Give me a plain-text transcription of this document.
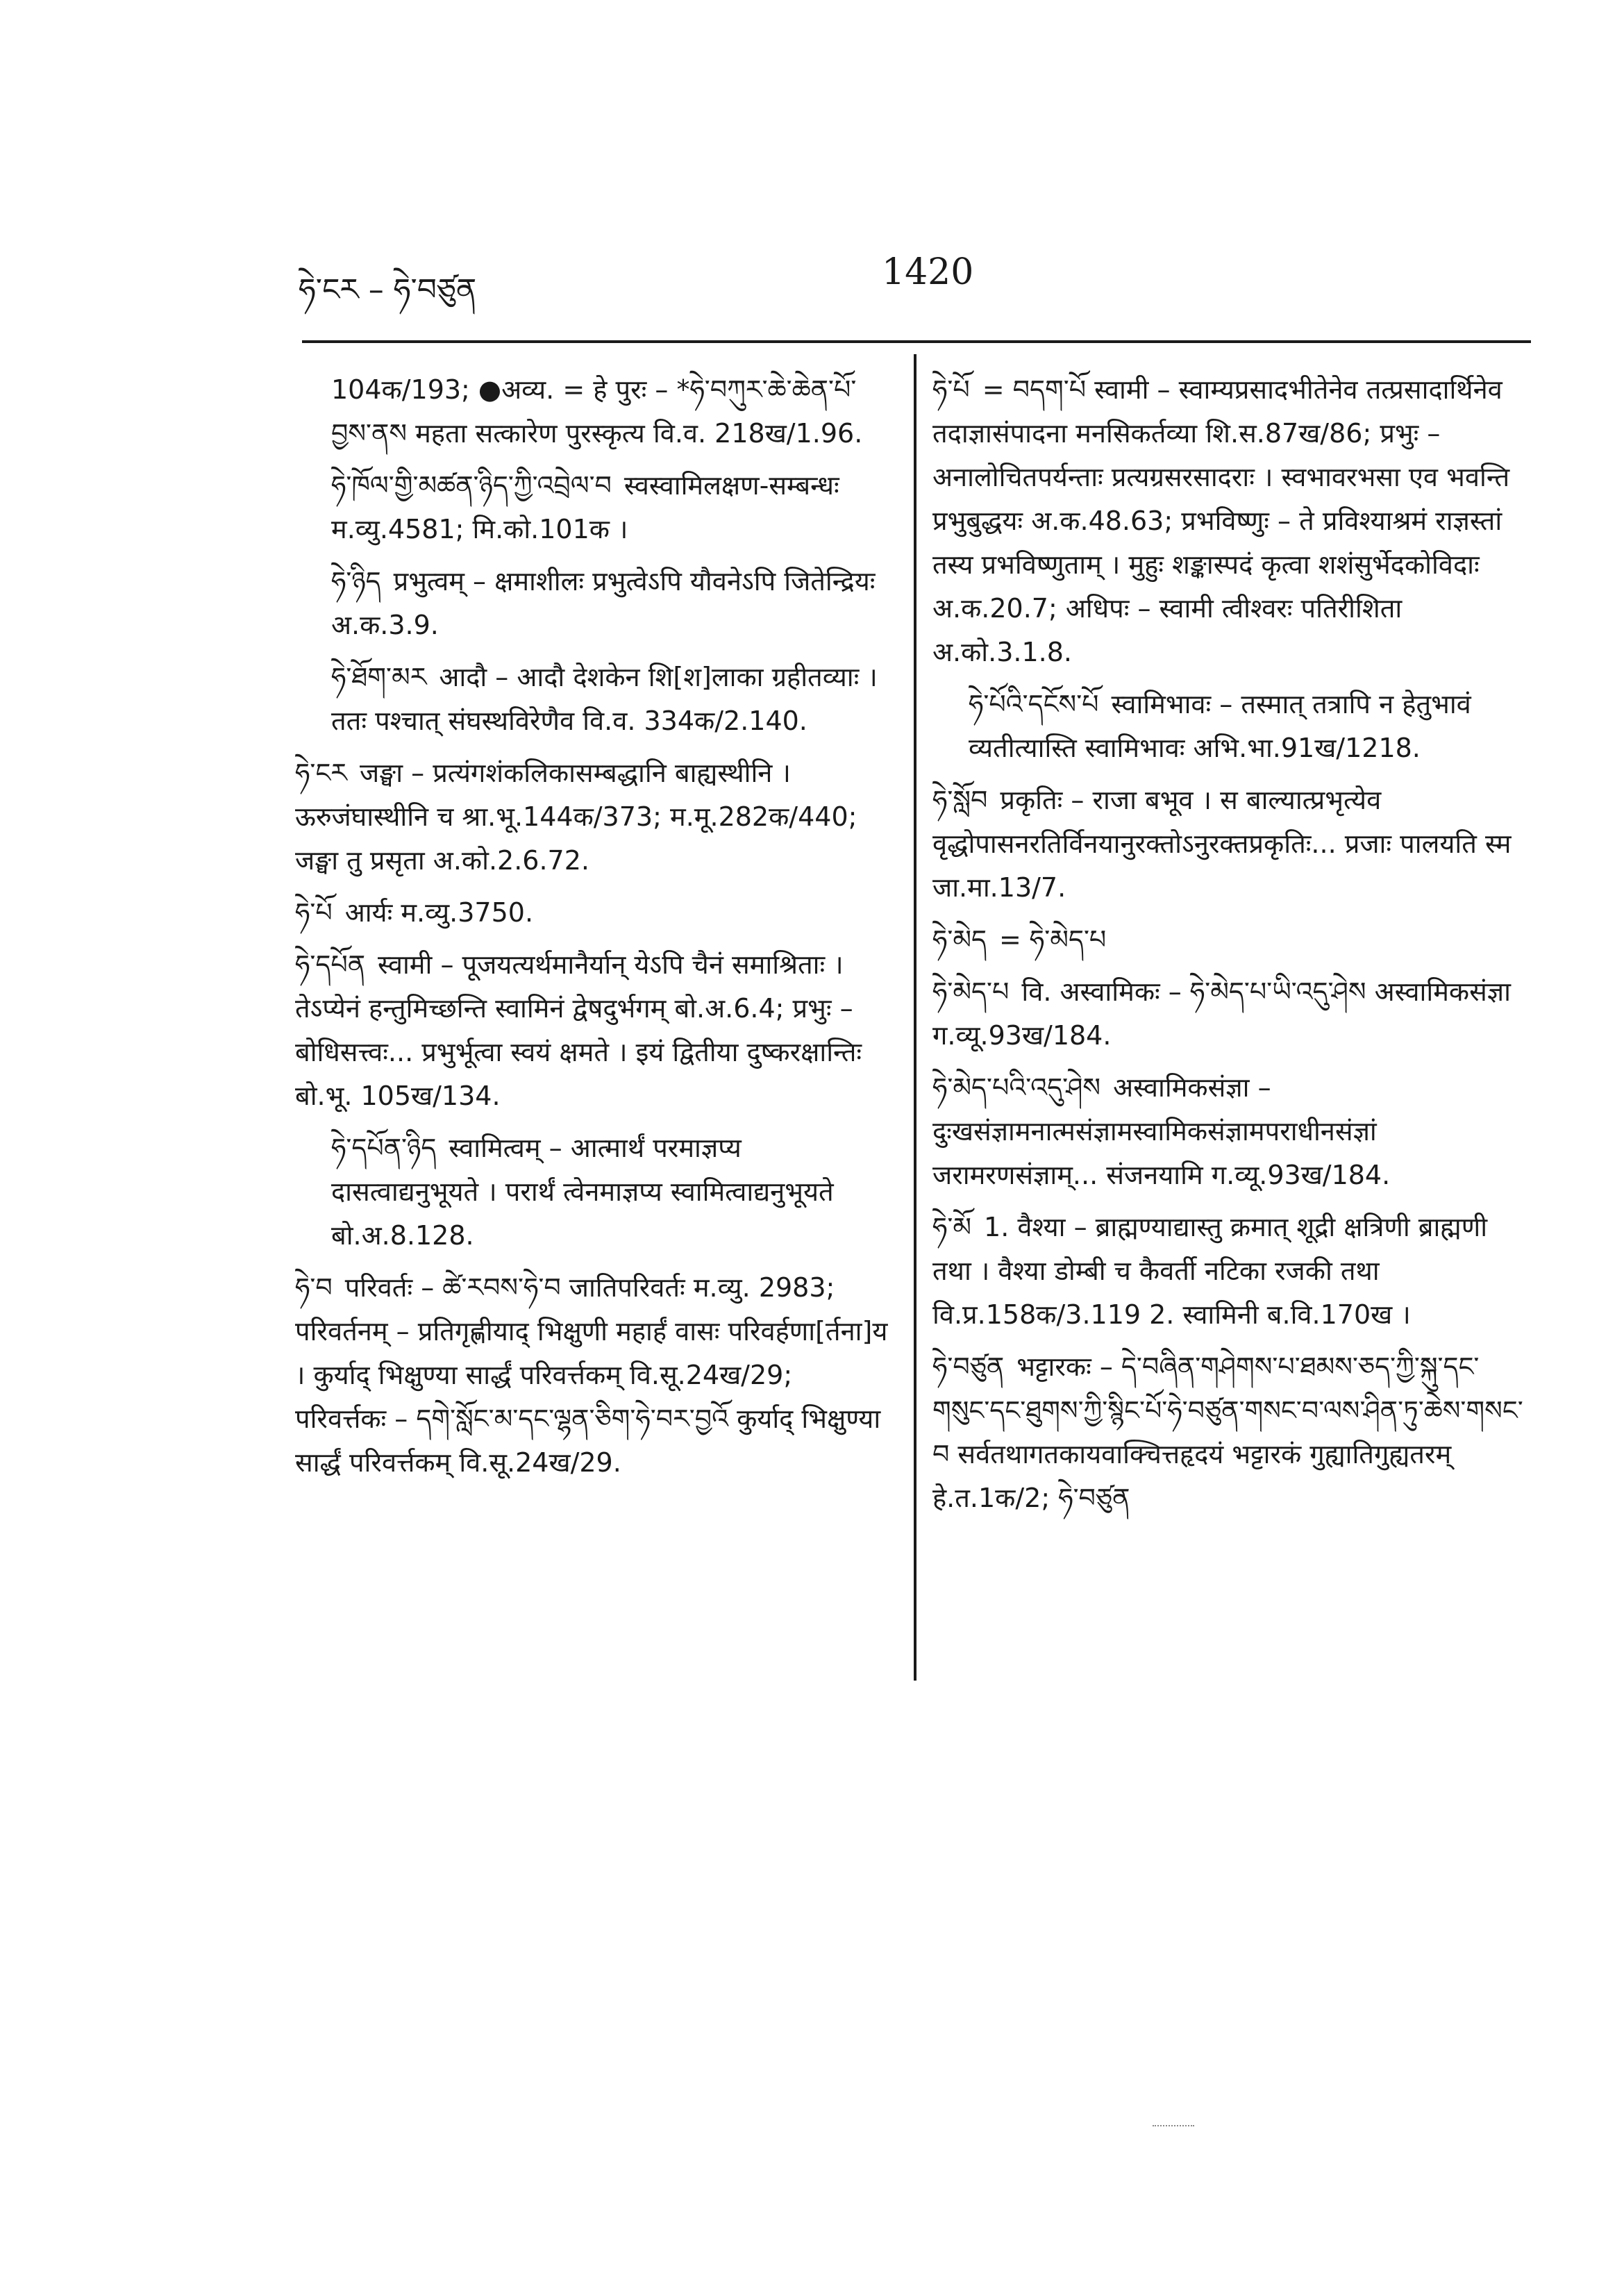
ཧེ་ངར – ཧེ་བཙུན	1420
104क/193; ●अव्य. = हे पुरः – *ཧེ་བཀུར་ཆེ་ཆེན་པོ་བྱས་ནས महता सत्कारेण पुरस्कृत्य वि.व. 218ख/1.96.
ཧེ་ཁོལ་གྱི་མཚན་ཉིད་ཀྱི་འབྲེལ་བ स्वस्वामिलक्षण-सम्बन्धः म.व्यु.4581; मि.को.101क ।
ཧེ་ཉིད प्रभुत्वम् – क्षमाशीलः प्रभुत्वेऽपि यौवनेऽपि जितेन्द्रियः अ.क.3.9.
ཧེ་ཐོག་མར आदौ – आदौ देशकेन शि[श]लाका ग्रहीतव्याः । ततः पश्चात् संघस्थविरेणैव वि.व. 334क/2.140.
ཧེ་ངར जङ्घा – प्रत्यंगशंकलिकासम्बद्धानि बाह्यस्थीनि । ऊरुजंघास्थीनि च श्रा.भू.144क/373; म.मू.282क/440; जङ्घा तु प्रसृता अ.को.2.6.72.
ཧེ་པོ आर्यः म.व्यु.3750.
ཧེ་དཔོན स्वामी – पूजयत्यर्थमानैर्यान् येऽपि चैनं समाश्रिताः । तेऽप्येनं हन्तुमिच्छन्ति स्वामिनं द्वेषदुर्भगम् बो.अ.6.4; प्रभुः – बोधिसत्त्वः... प्रभुर्भूत्वा स्वयं क्षमते । इयं द्वितीया दुष्करक्षान्तिः बो.भू. 105ख/134.
ཧེ་དཔོན་ཉིད स्वामित्वम् – आत्मार्थं परमाज्ञप्य दासत्वाद्यनुभूयते । परार्थं त्वेनमाज्ञप्य स्वामित्वाद्यनुभूयते बो.अ.8.128.
ཧེ་བ परिवर्तः – ཚེ་རབས་ཧེ་བ जातिपरिवर्तः म.व्यु. 2983; परिवर्तनम् – प्रतिगृह्णीयाद् भिक्षुणी महार्हं वासः परिवर्हणा[र्तना]य । कुर्याद् भिक्षुण्या सार्द्धं परिवर्त्तकम् वि.सू.24ख/29; परिवर्त्तकः – དགེ་སློང་མ་དང་ལྷན་ཅིག་ཧེ་བར་བྱའོ कुर्याद् भिक्षुण्या सार्द्धं परिवर्त्तकम् वि.सू.24ख/29.
ཧེ་པོ = བདག་པོ स्वामी – स्वाम्यप्रसादभीतेनेव तत्प्रसादार्थिनेव तदाज्ञासंपादना मनसिकर्तव्या शि.स.87ख/86; प्रभुः – अनालोचितपर्यन्ताः प्रत्यग्रसरसादराः । स्वभावरभसा एव भवन्ति प्रभुबुद्धयः अ.क.48.63; प्रभविष्णुः – ते प्रविश्याश्रमं राज्ञस्तां तस्य प्रभविष्णुताम् । मुहुः शङ्कास्पदं कृत्वा शशंसुर्भेदकोविदाः अ.क.20.7; अधिपः – स्वामी त्वीश्वरः पतिरीशिता अ.को.3.1.8.
ཧེ་པོའི་དངོས་པོ स्वामिभावः – तस्मात् तत्रापि न हेतुभावं व्यतीत्यास्ति स्वामिभावः अभि.भा.91ख/1218.
ཧེ་སློབ प्रकृतिः – राजा बभूव । स बाल्यात्प्रभृत्येव वृद्धोपासनरतिर्विनयानुरक्तोऽनुरक्तप्रकृतिः... प्रजाः पालयति स्म जा.मा.13/7.
ཧེ་མེད = ཧེ་མེད་པ
ཧེ་མེད་པ वि. अस्वामिकः – ཧེ་མེད་པ་ཡི་འདུ་ཤེས अस्वामिकसंज्ञा ग.व्यू.93ख/184.
ཧེ་མེད་པའི་འདུ་ཤེས अस्वामिकसंज्ञा – दुःखसंज्ञामनात्मसंज्ञामस्वामिकसंज्ञामपराधीनसंज्ञां जरामरणसंज्ञाम्... संजनयामि ग.व्यू.93ख/184.
ཧེ་མོ 1. वैश्या – ब्राह्मण्याद्यास्तु क्रमात् शूद्री क्षत्रिणी ब्राह्मणी तथा । वैश्या डोम्बी च कैवर्ती नटिका रजकी तथा वि.प्र.158क/3.119 2. स्वामिनी ब.वि.170ख ।
ཧེ་བཙུན भट्टारकः – དེ་བཞིན་གཤེགས་པ་ཐམས་ཅད་ཀྱི་སྐུ་དང་གསུང་དང་ཐུགས་ཀྱི་སྙིང་པོ་ཧེ་བཙུན་གསང་བ་ལས་ཤིན་ཏུ་ཆེས་གསང་བ सर्वतथागतकायवाक्चित्तहृदयं भट्टारकं गुह्यातिगुह्यतरम् हे.त.1क/2; ཧེ་བཙུན
